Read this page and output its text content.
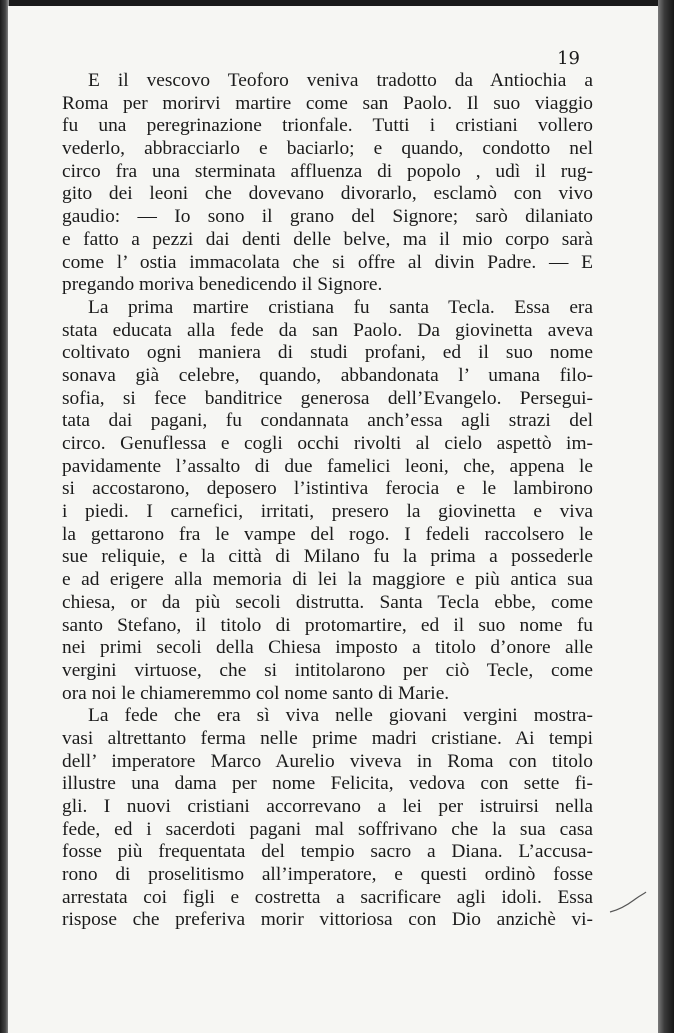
19
E il vescovo Teoforo veniva tradotto da Antiochia a
Roma per morirvi martire come san Paolo. Il suo viaggio
fu una peregrinazione trionfale. Tutti i cristiani vollero
vederlo, abbracciarlo e baciarlo; e quando, condotto nel
circo fra una sterminata affluenza di popolo , udì il rug-
gito dei leoni che dovevano divorarlo, esclamò con vivo
gaudio: — Io sono il grano del Signore; sarò dilaniato
e fatto a pezzi dai denti delle belve, ma il mio corpo sarà
come l’ ostia immacolata che si offre al divin Padre. — E
pregando moriva benedicendo il Signore.
La prima martire cristiana fu santa Tecla. Essa era
stata educata alla fede da san Paolo. Da giovinetta aveva
coltivato ogni maniera di studi profani, ed il suo nome
sonava già celebre, quando, abbandonata l’ umana filo-
sofia, si fece banditrice generosa dell’Evangelo. Persegui-
tata dai pagani, fu condannata anch’essa agli strazi del
circo. Genuflessa e cogli occhi rivolti al cielo aspettò im-
pavidamente l’assalto di due famelici leoni, che, appena le
si accostarono, deposero l’istintiva ferocia e le lambirono
i piedi. I carnefici, irritati, presero la giovinetta e viva
la gettarono fra le vampe del rogo. I fedeli raccolsero le
sue reliquie, e la città di Milano fu la prima a possederle
e ad erigere alla memoria di lei la maggiore e più antica sua
chiesa, or da più secoli distrutta. Santa Tecla ebbe, come
santo Stefano, il titolo di protomartire, ed il suo nome fu
nei primi secoli della Chiesa imposto a titolo d’onore alle
vergini virtuose, che si intitolarono per ciò Tecle, come
ora noi le chiameremmo col nome santo di Marie.
La fede che era sì viva nelle giovani vergini mostra-
vasi altrettanto ferma nelle prime madri cristiane. Ai tempi
dell’ imperatore Marco Aurelio viveva in Roma con titolo
illustre una dama per nome Felicita, vedova con sette fi-
gli. I nuovi cristiani accorrevano a lei per istruirsi nella
fede, ed i sacerdoti pagani mal soffrivano che la sua casa
fosse più frequentata del tempio sacro a Diana. L’accusa-
rono di proselitismo all’imperatore, e questi ordinò fosse
arrestata coi figli e costretta a sacrificare agli idoli. Essa
rispose che preferiva morir vittoriosa con Dio anzichè vi-
